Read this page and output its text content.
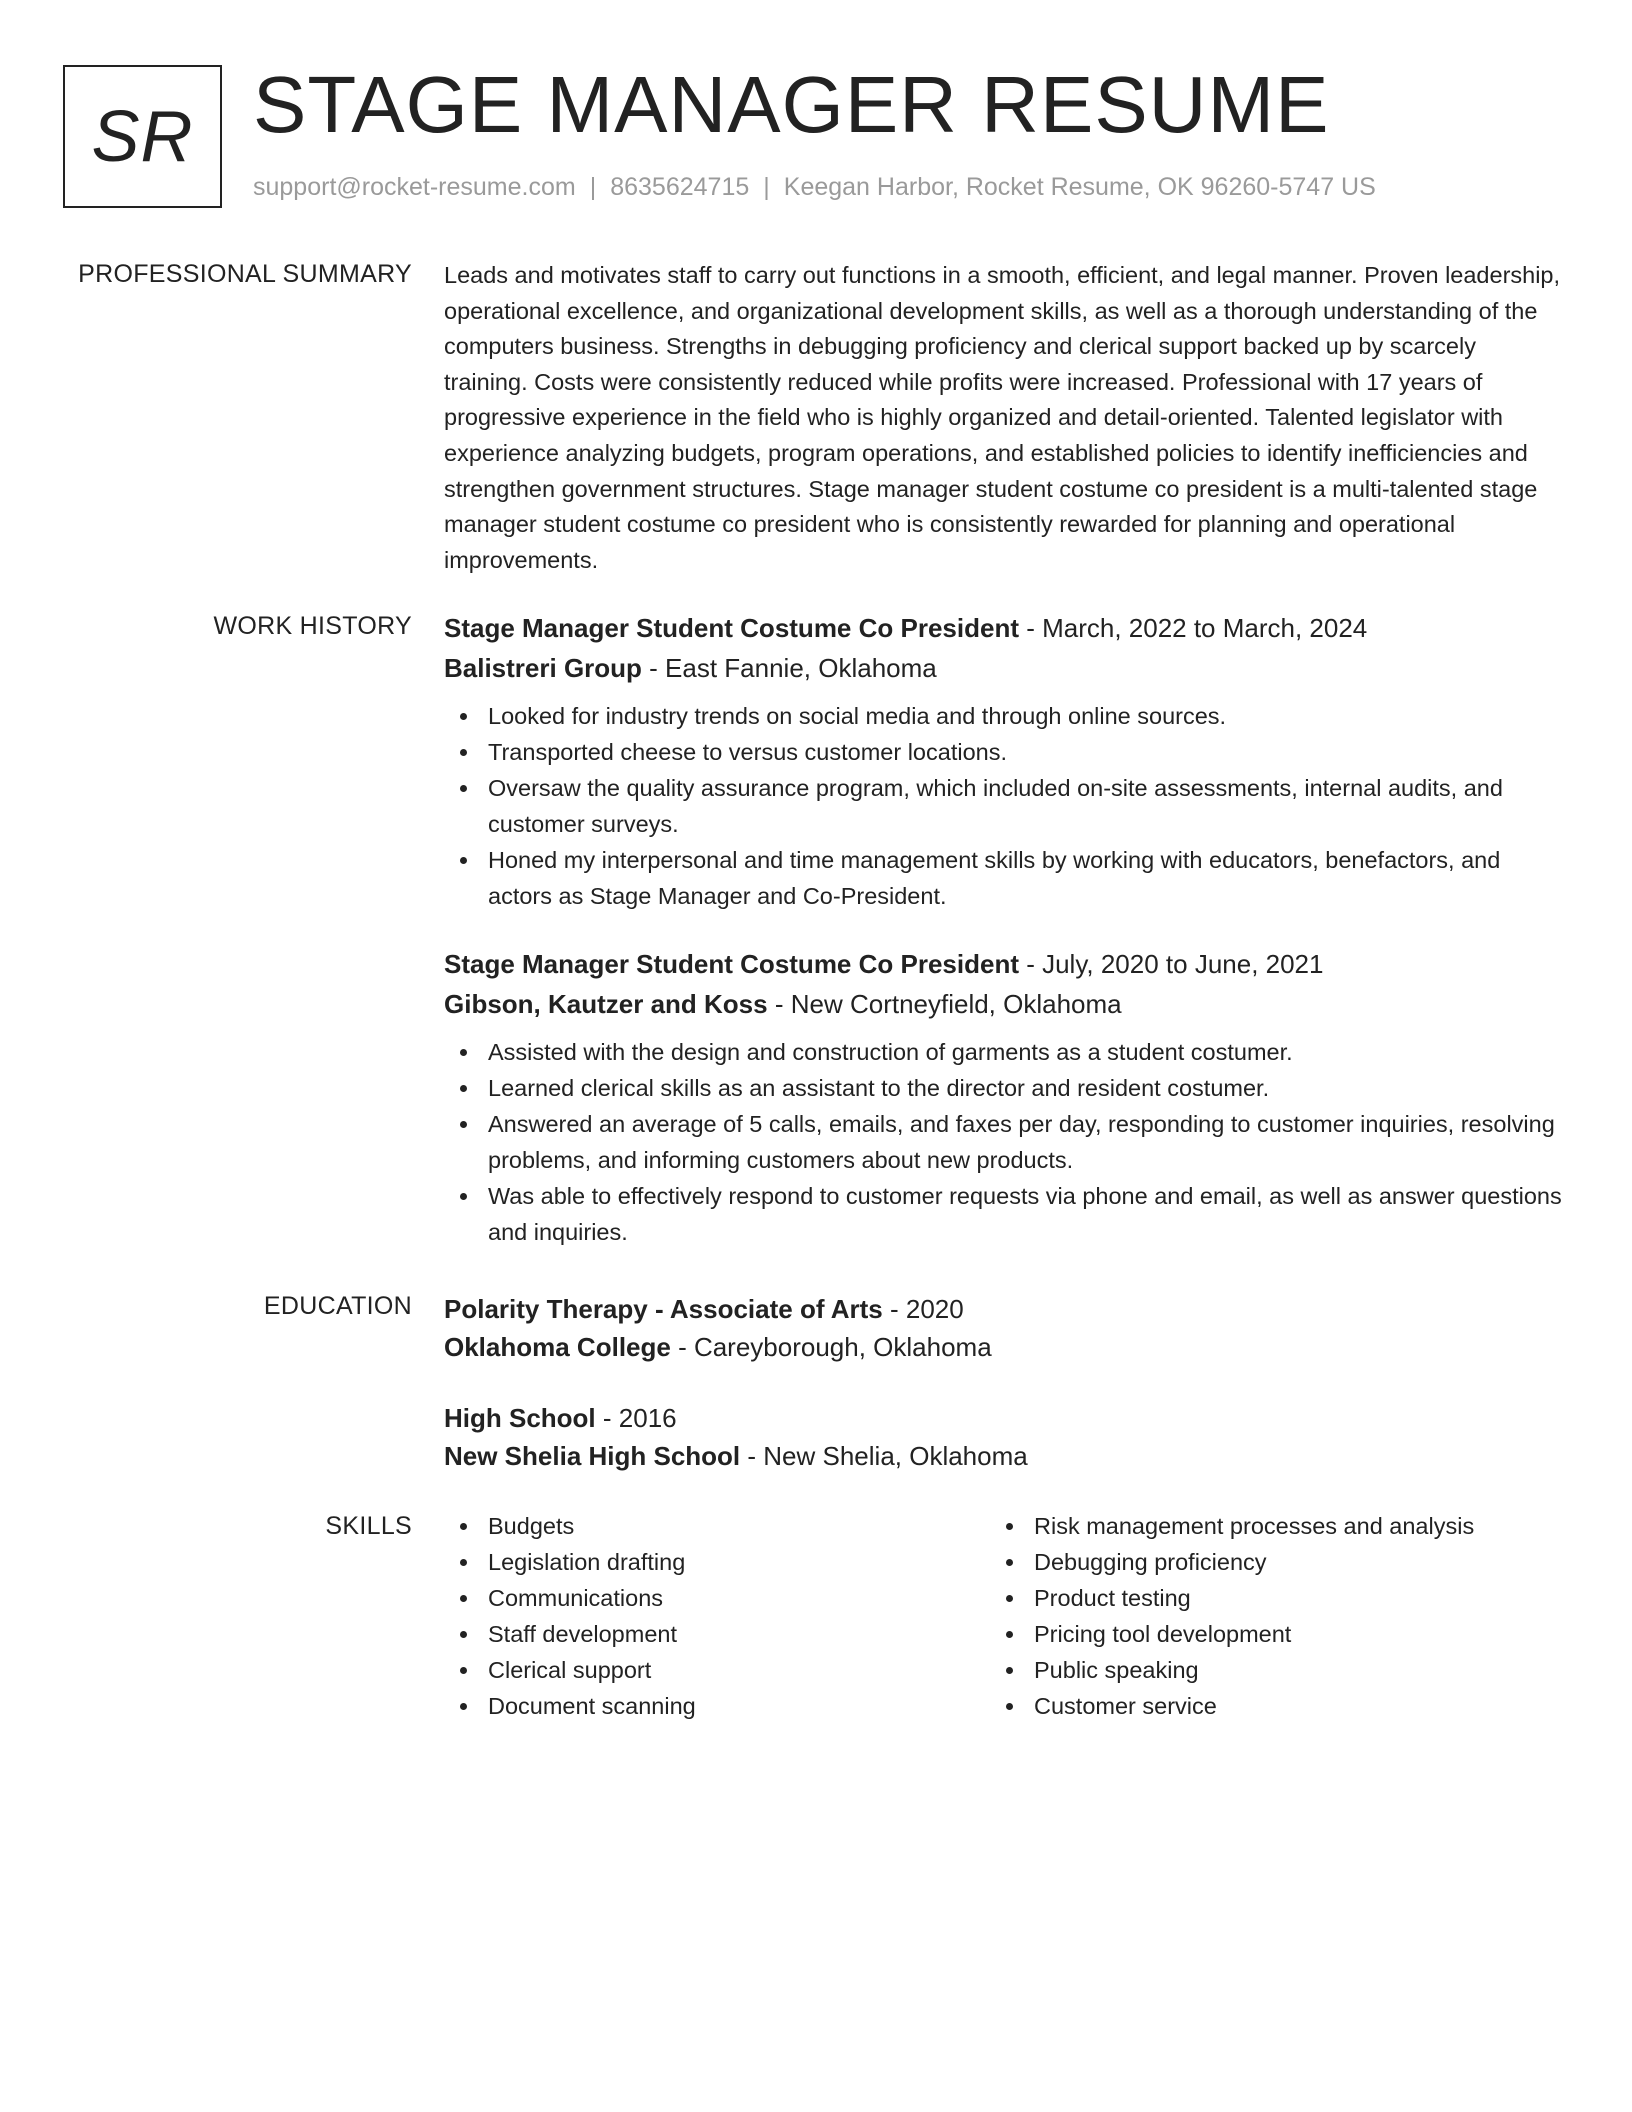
SR STAGE MANAGER RESUME
support@rocket-resume.com | 8635624715 | Keegan Harbor, Rocket Resume, OK 96260-5747 US
PROFESSIONAL SUMMARY Leads and motivates staff to carry out functions in a smooth, efficient, and legal manner. Proven leadership, operational excellence, and organizational development skills, as well as a thorough understanding of the computers business. Strengths in debugging proficiency and clerical support backed up by scarcely training. Costs were consistently reduced while profits were increased. Professional with 17 years of progressive experience in the field who is highly organized and detail-oriented. Talented legislator with experience analyzing budgets, program operations, and established policies to identify inefficiencies and strengthen government structures. Stage manager student costume co president is a multi-talented stage manager student costume co president who is consistently rewarded for planning and operational improvements.
WORK HISTORY Stage Manager Student Costume Co President - March, 2022 to March, 2024
Balistreri Group - East Fannie, Oklahoma
Looked for industry trends on social media and through online sources.
Transported cheese to versus customer locations.
Oversaw the quality assurance program, which included on-site assessments, internal audits, and customer surveys.
Honed my interpersonal and time management skills by working with educators, benefactors, and actors as Stage Manager and Co-President.
Stage Manager Student Costume Co President - July, 2020 to June, 2021
Gibson, Kautzer and Koss - New Cortneyfield, Oklahoma
Assisted with the design and construction of garments as a student costumer.
Learned clerical skills as an assistant to the director and resident costumer.
Answered an average of 5 calls, emails, and faxes per day, responding to customer inquiries, resolving problems, and informing customers about new products.
Was able to effectively respond to customer requests via phone and email, as well as answer questions and inquiries.
EDUCATION Polarity Therapy - Associate of Arts - 2020
Oklahoma College - Careyborough, Oklahoma
High School - 2016
New Shelia High School - New Shelia, Oklahoma
SKILLS	Budgets
Legislation drafting
Communications
Staff development
Clerical support
Document scanning
Risk management processes and analysis
Debugging proficiency
Product testing
Pricing tool development
Public speaking
Customer service
